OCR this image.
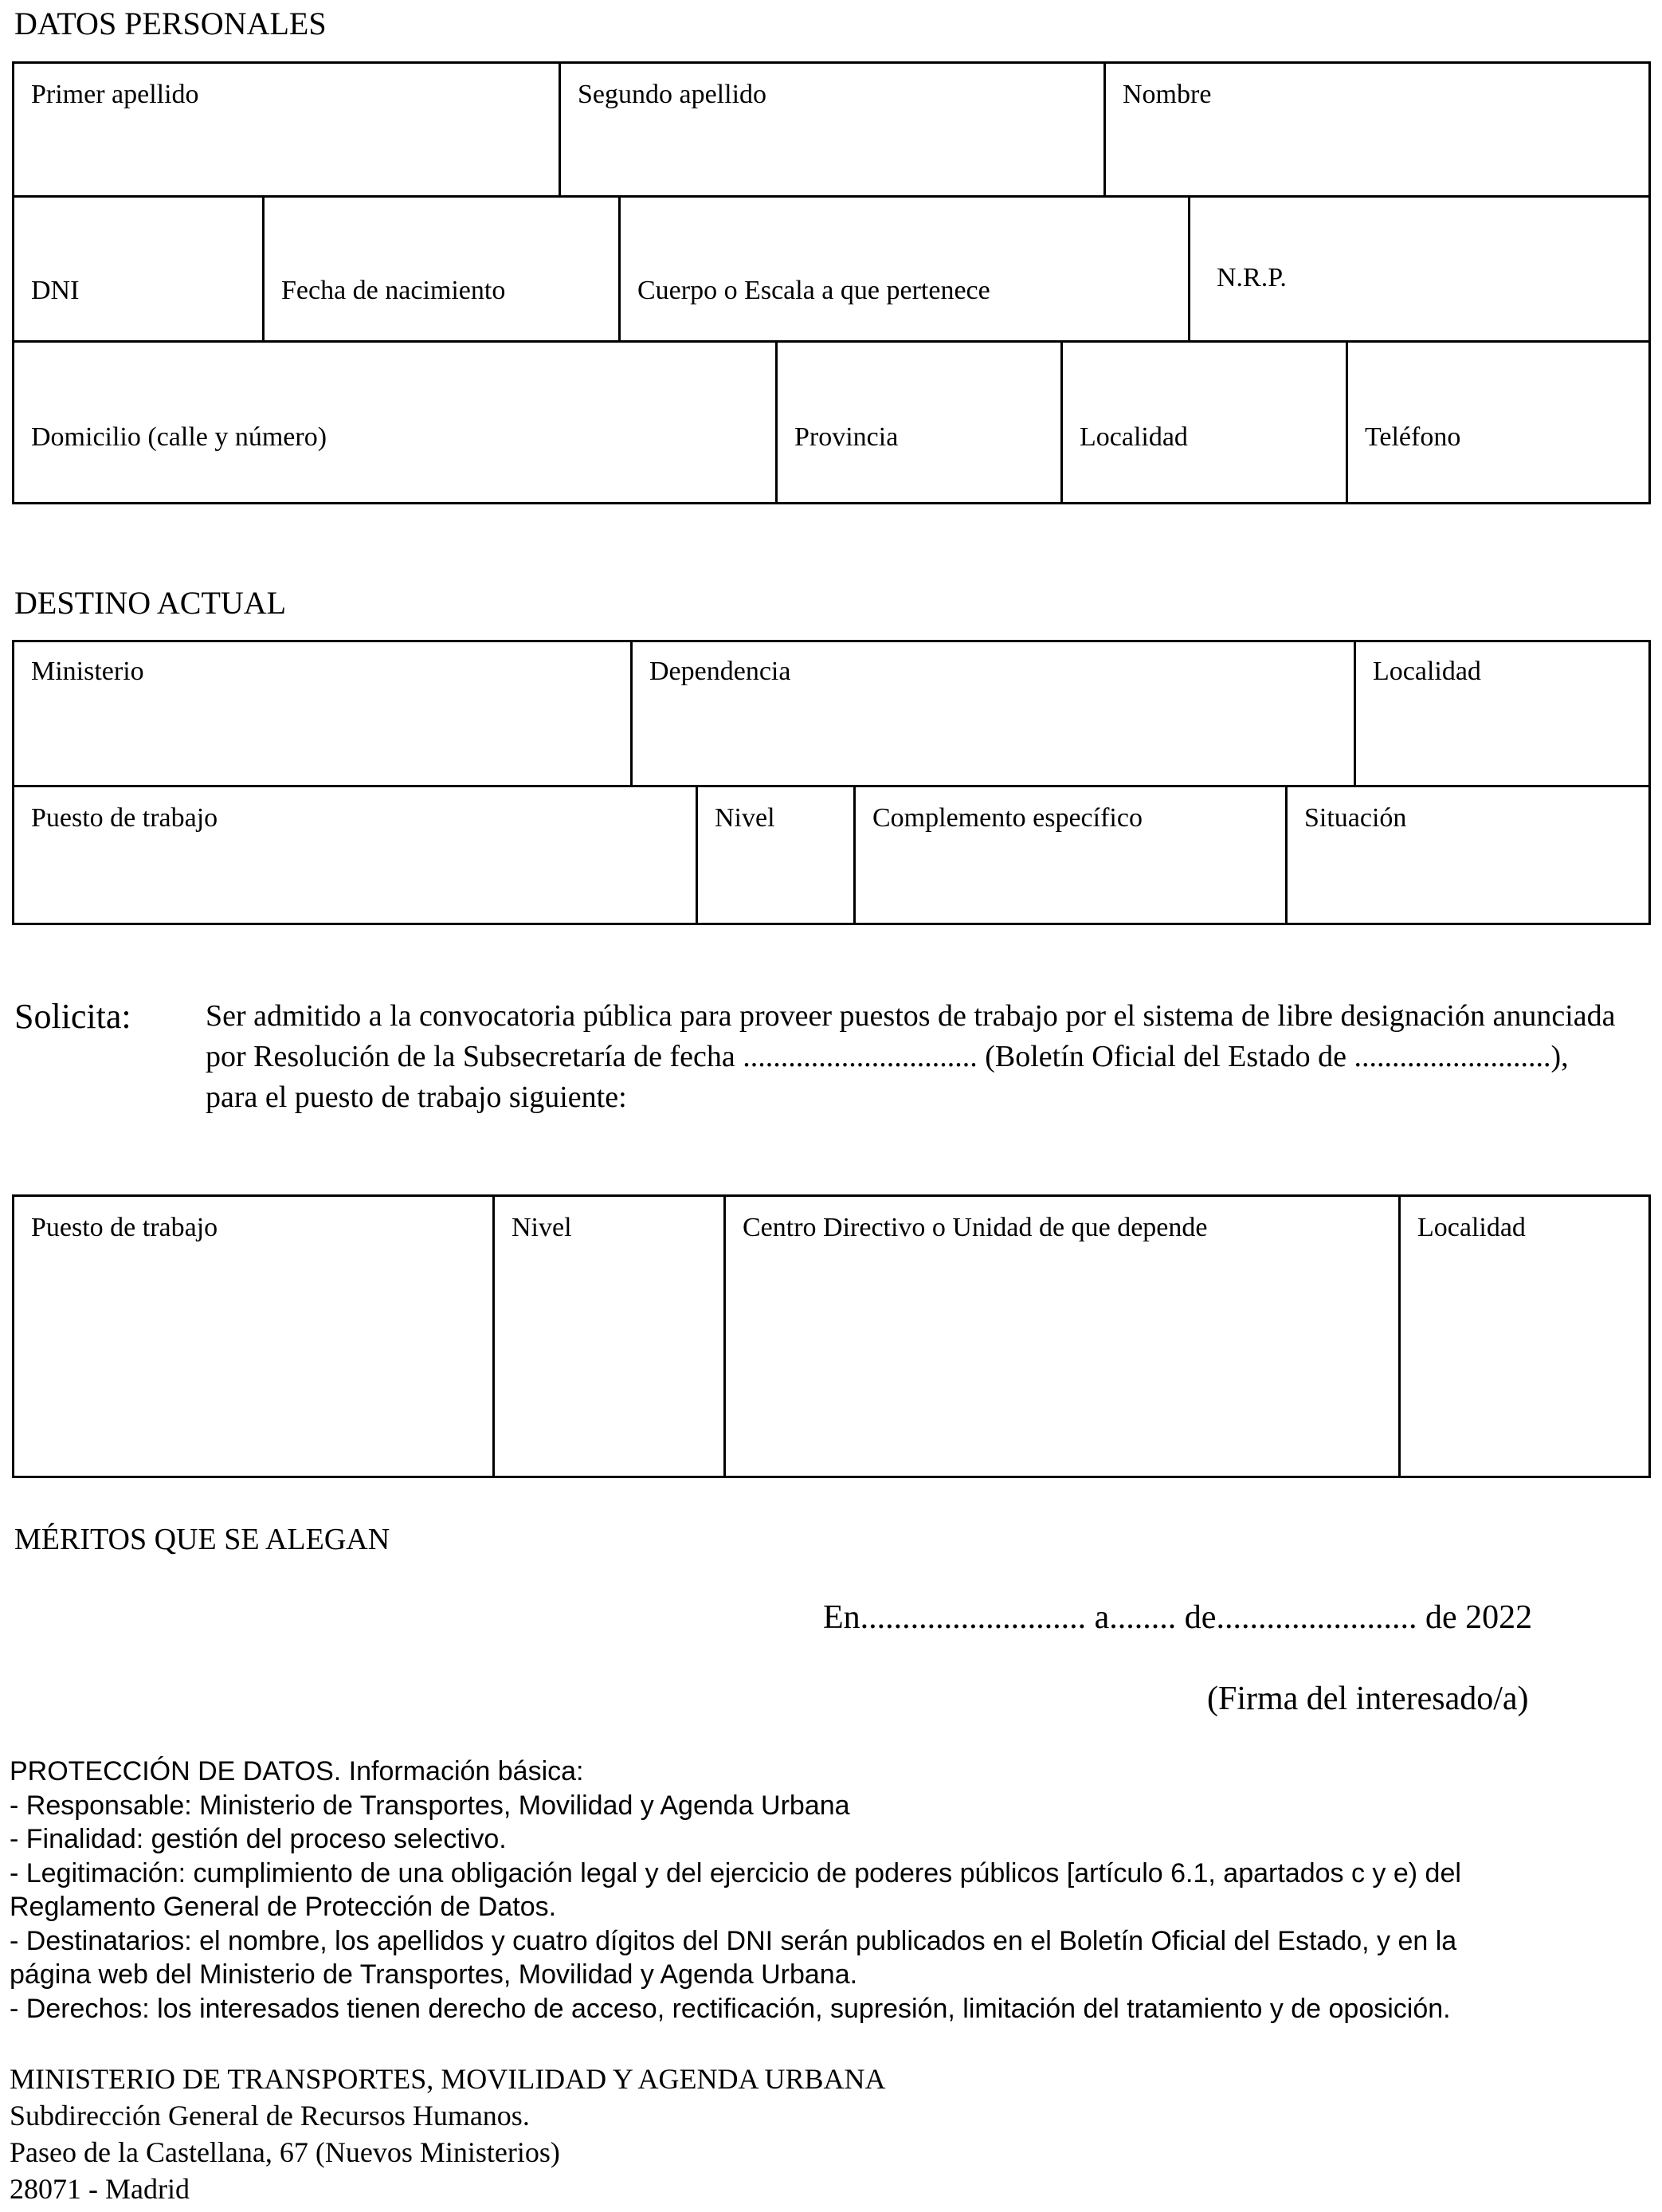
DATOS PERSONALES
Primer apellido	Segundo apellido	Nombre
DNI	Fecha de nacimiento	Cuerpo o Escala a que pertenece	N.R.P.
Domicilio (calle y número)	Provincia	Localidad	Teléfono
DESTINO ACTUAL
Ministerio	Dependencia	Localidad
Puesto de trabajo	Nivel	Complemento específico	Situación
Solicita: Ser admitido a la convocatoria pública para proveer puestos de trabajo por el sistema de libre designación anunciada
por Resolución de la Subsecretaría de fecha ............................... (Boletín Oficial del Estado de ..........................),
para el puesto de trabajo siguiente:
Puesto de trabajo	Nivel	Centro Directivo o Unidad de que depende	Localidad
MÉRITOS QUE SE ALEGAN
En........................... a........ de........................ de 2022
(Firma del interesado/a)
PROTECCIÓN DE DATOS. Información básica:
- Responsable: Ministerio de Transportes, Movilidad y Agenda Urbana
- Finalidad: gestión del proceso selectivo.
- Legitimación: cumplimiento de una obligación legal y del ejercicio de poderes públicos [artículo 6.1, apartados c y e) del
Reglamento General de Protección de Datos.
- Destinatarios: el nombre, los apellidos y cuatro dígitos del DNI serán publicados en el Boletín Oficial del Estado, y en la
página web del Ministerio de Transportes, Movilidad y Agenda Urbana.
- Derechos: los interesados tienen derecho de acceso, rectificación, supresión, limitación del tratamiento y de oposición.
MINISTERIO DE TRANSPORTES, MOVILIDAD Y AGENDA URBANA
Subdirección General de Recursos Humanos.
Paseo de la Castellana, 67 (Nuevos Ministerios)
28071 - Madrid
